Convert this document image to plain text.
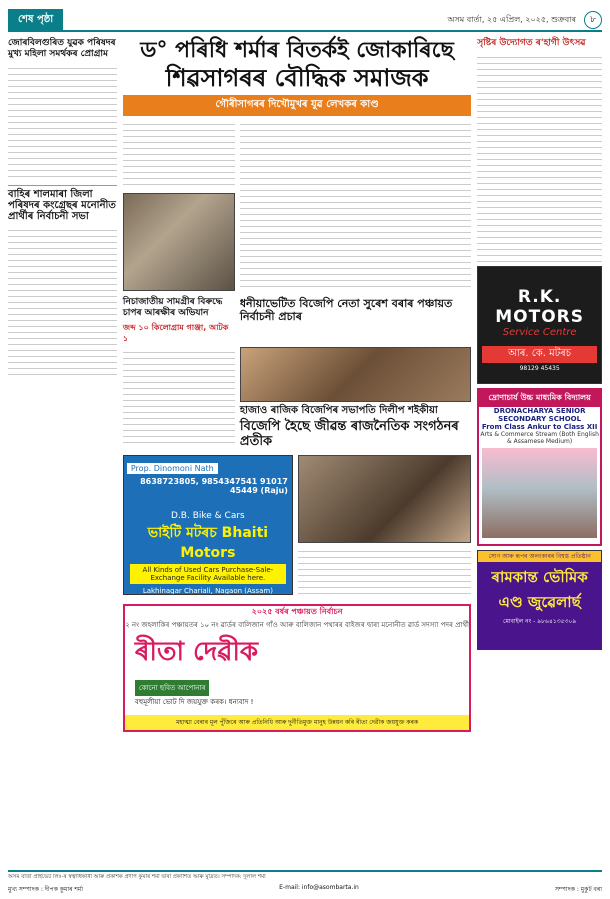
শেষ পৃষ্ঠা	অসম বাৰ্তা, ২৫ এপ্ৰিল, ২০২৫, শুক্ৰবাৰ	৮
জোৰবিলগুৰিত যুৱক পৰিষদৰ মুখ্য মহিলা সমৰ্থকৰ প্ৰোগ্ৰাম
বাহিৰ শালমাৰা জিলা পৰিষদৰ কংগ্ৰেছৰ মনোনীত প্ৰাৰ্থীৰ নিৰ্বাচনী সভা
ড° পৰিধি শৰ্মাৰ বিতৰ্কই জোকাৰিছে
শিৱসাগৰৰ বৌদ্ধিক সমাজক
গৌৰীসাগৰৰ দিখৌমুখৰ যুৱ লেখকৰ কাণ্ড
নিচাজাতীয় সামগ্ৰীৰ বিৰুদ্ধে চাপৰ আৰক্ষীৰ অভিযান
জব্দ ১০ কিলোগ্ৰাম গাঞ্জা, আটক ১
ধনীয়াভেটিত বিজেপি নেতা সুৰেশ বৰাৰ পঞ্চায়ত নিৰ্বাচনী প্ৰচাৰ
হাজাও ৰাজিক বিজেপিৰ সভাপতি দিলীপ শইকীয়া
বিজেপি হৈছে জীৱন্ত ৰাজনৈতিক সংগঠনৰ প্ৰতীক
Prop. Dinomoni Nath
8638723805, 9854347541 91017 45449 (Raju)
D.B. Bike & Cars
ভাইটি মটৰচ Bhaiti Motors
All Kinds of Used Cars Purchase-Sale-Exchange Facility Available here.
Lakhinagar Chariali, Nagaon (Assam)
২০২৫ বৰ্ষৰ পঞ্চায়ত নিৰ্বাচন
২ নং জহলাকিৰ পঞ্চায়তৰ ১০ নং ৱাৰ্ডৰ বালিজান গাঁও আৰু বালিজান পথাৰৰ বাইজৰ দ্বাৰা মনোনীত ৱাৰ্ড সদস্যা পদৰ প্ৰাৰ্থী
ৰীতা দেৱীক
কোনো ছবিত আপোনাৰ
বহুমূলীয়া ভোট দি জয়যুক্ত কৰক। ধন্যবাদ !
মহাত্মা বেৰাৰ মূল পুঁজিৰে আৰু প্ৰতিনিধি আৰু দুৰ্নীতিমুক্ত মানুহ উন্নয়ন কৰি ৰীতা দেৱীক জয়যুক্ত কৰক
সৃষ্টিৰ উদ্যোগত ৰ'হাগী উৎসৱ
R.K. MOTORS
Service Centre
আৰ. কে. মটৰচ
98129 45435
দ্ৰোণাচাৰ্য উচ্চ মাধ্যমিক বিদ্যালয়
DRONACHARYA SENIOR SECONDARY SCHOOL
From Class Ankur to Class XII
Arts & Commerce Stream (Both English & Assamese Medium)
সোণ আৰু ৰূপৰ অলংকাৰৰ বিশ্বস্ত প্ৰতিষ্ঠান
ৰামকান্ত ভৌমিক এণ্ড জুৱেলাৰ্ছ
মোবাইল নং - ৯৮৬৪১৩৫৩০৯
অসম বাৰ্তা প্ৰাইভেট লিঃ-ৰ স্বত্বাধিকাৰী আৰু প্ৰকাশক প্ৰদীপ কুমাৰ শৰ্মা দ্বাৰা প্ৰকাশিত আৰু মুদ্ৰিত। সম্পাদক: দুলাল শৰ্মা
মুখ্য সম্পাদক : দীপক কুমাৰ শৰ্মা	E-mail: info@asombarta.in	সম্পাদক : মুকুট বৰা
